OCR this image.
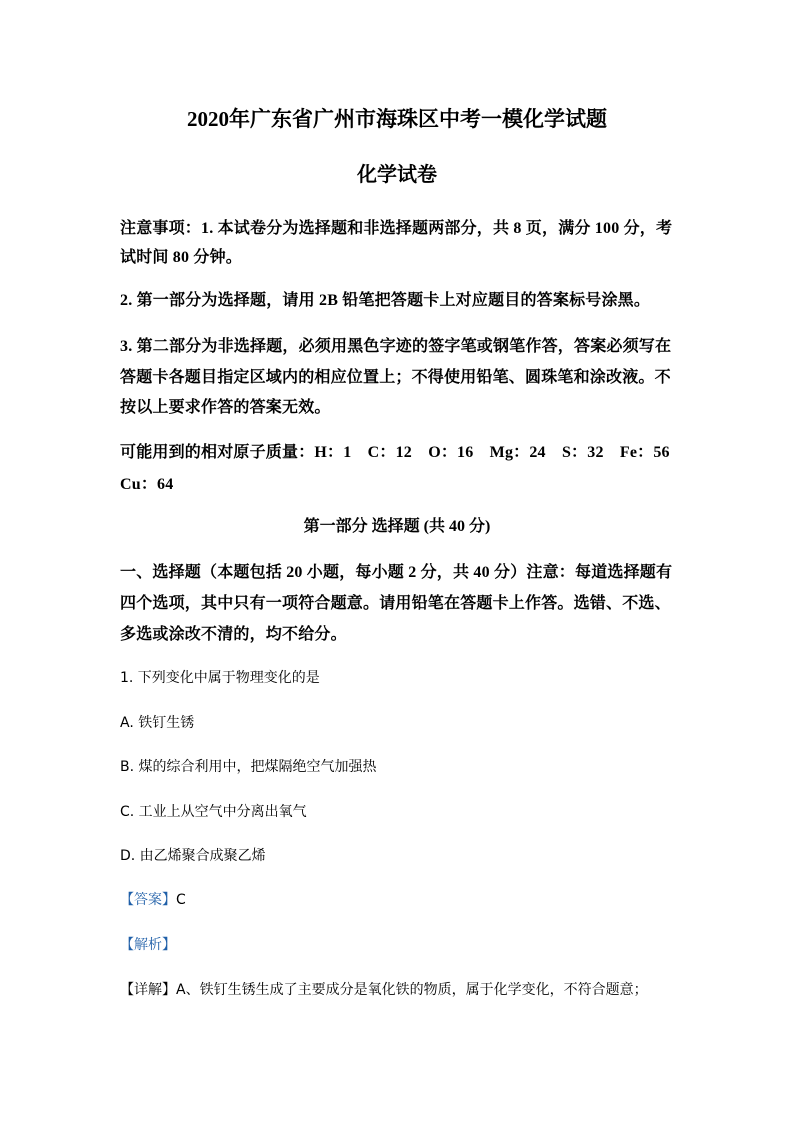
2020年广东省广州市海珠区中考一模化学试题
化学试卷
注意事项：1. 本试卷分为选择题和非选择题两部分，共 8 页，满分 100 分，考
试时间 80 分钟。
2. 第一部分为选择题，请用 2B 铅笔把答题卡上对应题目的答案标号涂黑。
3. 第二部分为非选择题，必须用黑色字迹的签字笔或钢笔作答，答案必须写在
答题卡各题目指定区域内的相应位置上；不得使用铅笔、圆珠笔和涂改液。不
按以上要求作答的答案无效。
可能用到的相对原子质量：H：1　C：12　O：16　Mg：24　S：32　Fe：56
Cu：64
第一部分 选择题 (共 40 分)
一、选择题（本题包括 20 小题，每小题 2 分，共 40 分）注意：每道选择题有
四个选项，其中只有一项符合题意。请用铅笔在答题卡上作答。选错、不选、
多选或涂改不清的，均不给分。
1. 下列变化中属于物理变化的是
A. 铁钉生锈
B. 煤的综合利用中，把煤隔绝空气加强热
C. 工业上从空气中分离出氧气
D. 由乙烯聚合成聚乙烯
【答案】C
【解析】
【详解】A、铁钉生锈生成了主要成分是氧化铁的物质，属于化学变化，不符合题意；
